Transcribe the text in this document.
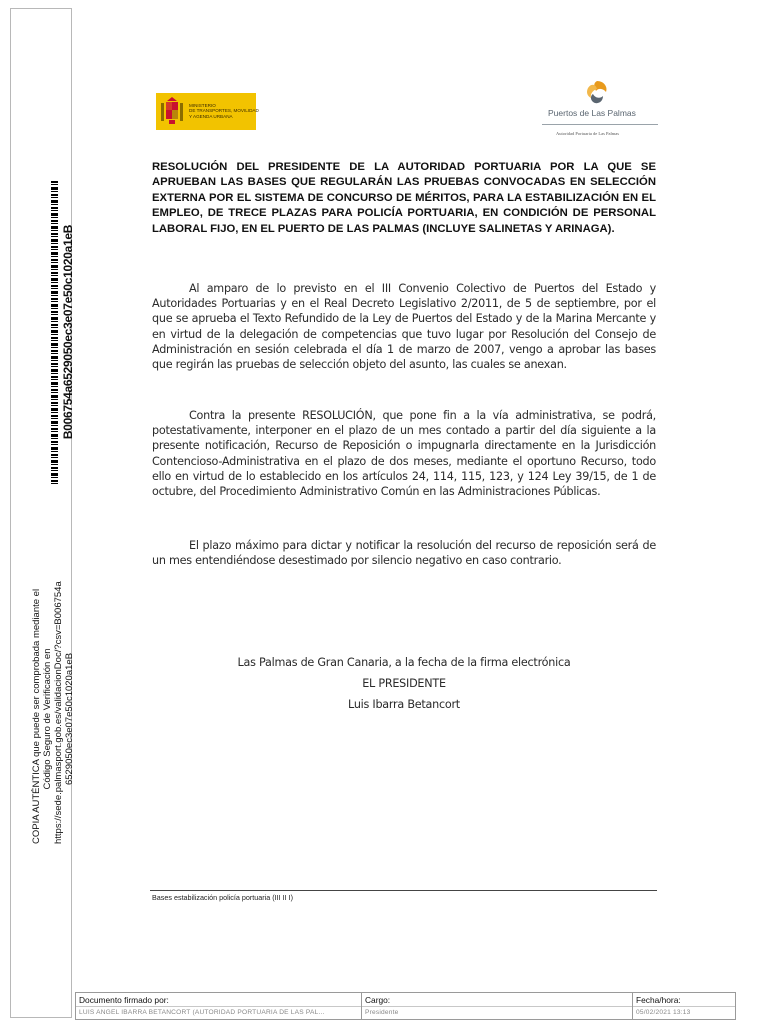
B006754a6529050ec3e07e50c1020a1eB
COPIA AUTÉNTICA que puede ser comprobada mediante el Código Seguro de Verificación en https://sede.palmasport.gob.es/validacionDoc/?csv=B006754a 6529050ec3e07e50c1020a1eB
MINISTERIO
DE TRANSPORTES, MOVILIDAD
Y AGENDA URBANA	Puertos de Las Palmas
Autoridad Portuaria de Las Palmas
RESOLUCIÓN DEL PRESIDENTE DE LA AUTORIDAD PORTUARIA POR LA QUE SE APRUEBAN LAS BASES QUE REGULARÁN LAS PRUEBAS CONVOCADAS EN SELECCIÓN EXTERNA POR EL SISTEMA DE CONCURSO DE MÉRITOS, PARA LA ESTABILIZACIÓN EN EL EMPLEO, DE TRECE PLAZAS PARA POLICÍA PORTUARIA, EN CONDICIÓN DE PERSONAL LABORAL FIJO, EN EL PUERTO DE LAS PALMAS (INCLUYE SALINETAS Y ARINAGA).
Al amparo de lo previsto en el III Convenio Colectivo de Puertos del Estado y Autoridades Portuarias y en el Real Decreto Legislativo 2/2011, de 5 de septiembre, por el que se aprueba el Texto Refundido de la Ley de Puertos del Estado y de la Marina Mercante y en virtud de la delegación de competencias que tuvo lugar por Resolución del Consejo de Administración en sesión celebrada el día 1 de marzo de 2007, vengo a aprobar las bases que regirán las pruebas de selección objeto del asunto, las cuales se anexan.
Contra la presente RESOLUCIÓN, que pone fin a la vía administrativa, se podrá, potestativamente, interponer en el plazo de un mes contado a partir del día siguiente a la presente notificación, Recurso de Reposición o impugnarla directamente en la Jurisdicción Contencioso-Administrativa en el plazo de dos meses, mediante el oportuno Recurso, todo ello en virtud de lo establecido en los artículos 24, 114, 115, 123, y 124 Ley 39/15, de 1 de octubre, del Procedimiento Administrativo Común en las Administraciones Públicas.
El plazo máximo para dictar y notificar la resolución del recurso de reposición será de un mes entendiéndose desestimado por silencio negativo en caso contrario.
Las Palmas de Gran Canaria, a la fecha de la firma electrónica
EL PRESIDENTE
Luis Ibarra Betancort
Bases estabilización policía portuaria (III II I)
Documento firmado por:
LUIS ANGEL IBARRA BETANCORT (AUTORIDAD PORTUARIA DE LAS PAL...
Cargo:
Presidente
Fecha/hora:
05/02/2021 13:13
